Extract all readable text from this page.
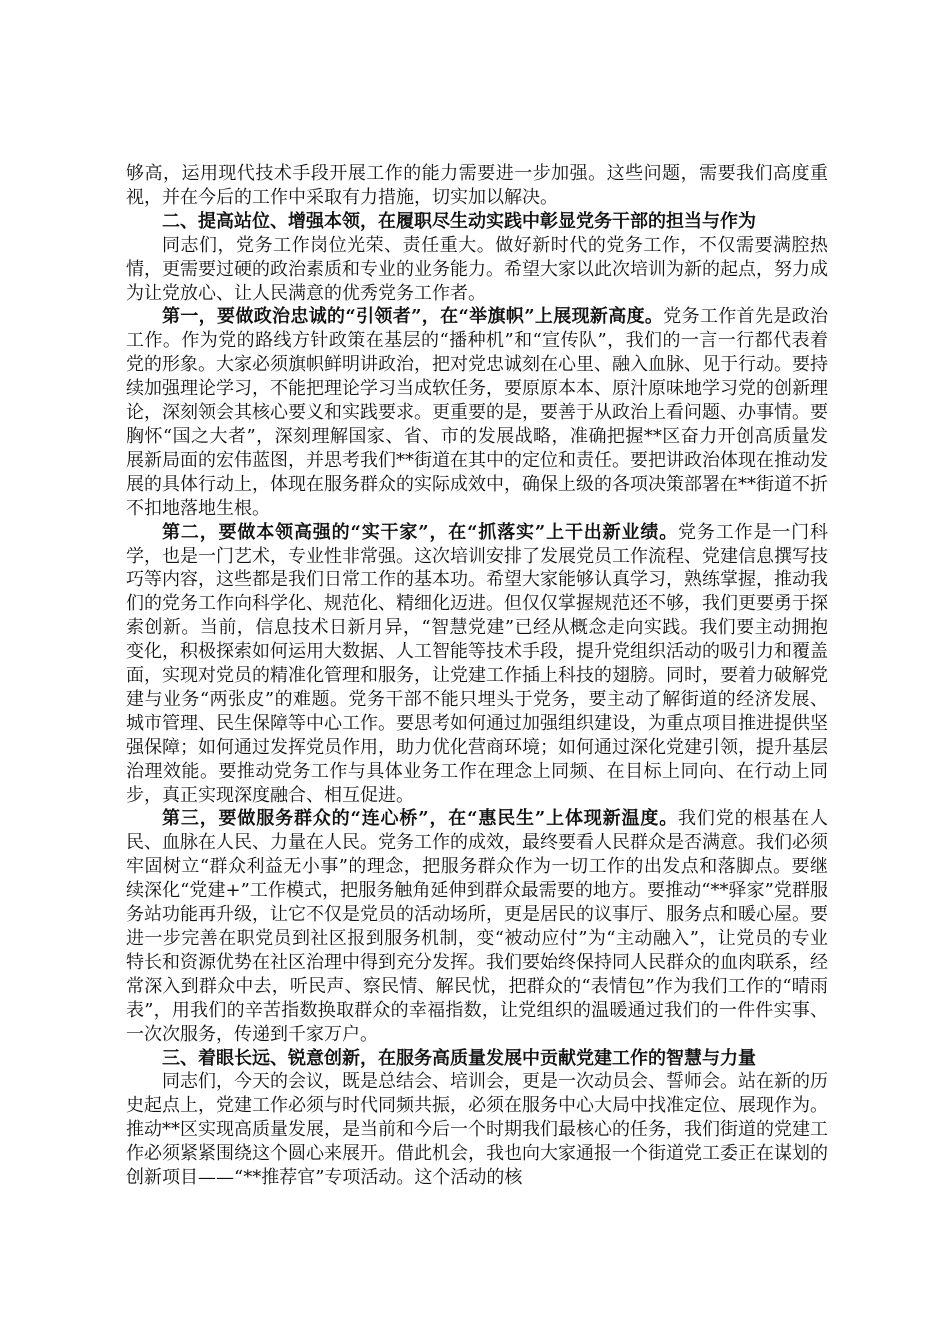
够高，运用现代技术手段开展工作的能力需要进一步加强。这些问题，需要我们高度重视，并在今后的工作中采取有力措施，切实加以解决。

二、提高站位、增强本领，在履职尽生动实践中彰显党务干部的担当与作为

同志们，党务工作岗位光荣、责任重大。做好新时代的党务工作，不仅需要满腔热情，更需要过硬的政治素质和专业的业务能力。希望大家以此次培训为新的起点，努力成为让党放心、让人民满意的优秀党务工作者。

第一，要做政治忠诚的“引领者”，在“举旗帜”上展现新高度。党务工作首先是政治工作。作为党的路线方针政策在基层的“播种机”和“宣传队”，我们的一言一行都代表着党的形象。大家必须旗帜鲜明讲政治，把对党忠诚刻在心里、融入血脉、见于行动。要持续加强理论学习，不能把理论学习当成软任务，要原原本本、原汁原味地学习党的创新理论，深刻领会其核心要义和实践要求。更重要的是，要善于从政治上看问题、办事情。要胸怀“国之大者”，深刻理解国家、省、市的发展战略，准确把握**区奋力开创高质量发展新局面的宏伟蓝图，并思考我们**街道在其中的定位和责任。要把讲政治体现在推动发展的具体行动上，体现在服务群众的实际成效中，确保上级的各项决策部署在**街道不折不扣地落地生根。

第二，要做本领高强的“实干家”，在“抓落实”上干出新业绩。党务工作是一门科学，也是一门艺术，专业性非常强。这次培训安排了发展党员工作流程、党建信息撰写技巧等内容，这些都是我们日常工作的基本功。希望大家能够认真学习，熟练掌握，推动我们的党务工作向科学化、规范化、精细化迈进。但仅仅掌握规范还不够，我们更要勇于探索创新。当前，信息技术日新月异，“智慧党建”已经从概念走向实践。我们要主动拥抱变化，积极探索如何运用大数据、人工智能等技术手段，提升党组织活动的吸引力和覆盖面，实现对党员的精准化管理和服务，让党建工作插上科技的翅膀。同时，要着力破解党建与业务“两张皮”的难题。党务干部不能只埋头于党务，要主动了解街道的经济发展、城市管理、民生保障等中心工作。要思考如何通过加强组织建设，为重点项目推进提供坚强保障；如何通过发挥党员作用，助力优化营商环境；如何通过深化党建引领，提升基层治理效能。要推动党务工作与具体业务工作在理念上同频、在目标上同向、在行动上同步，真正实现深度融合、相互促进。

第三，要做服务群众的“连心桥”，在“惠民生”上体现新温度。我们党的根基在人民、血脉在人民、力量在人民。党务工作的成效，最终要看人民群众是否满意。我们必须牢固树立“群众利益无小事”的理念，把服务群众作为一切工作的出发点和落脚点。要继续深化“党建+”工作模式，把服务触角延伸到群众最需要的地方。要推动“**驿家”党群服务站功能再升级，让它不仅是党员的活动场所，更是居民的议事厅、服务点和暖心屋。要进一步完善在职党员到社区报到服务机制，变“被动应付”为“主动融入”，让党员的专业特长和资源优势在社区治理中得到充分发挥。我们要始终保持同人民群众的血肉联系，经常深入到群众中去，听民声、察民情、解民忧，把群众的“表情包”作为我们工作的“晴雨表”，用我们的辛苦指数换取群众的幸福指数，让党组织的温暖通过我们的一件件实事、一次次服务，传递到千家万户。

三、着眼长远、锐意创新，在服务高质量发展中贡献党建工作的智慧与力量

同志们，今天的会议，既是总结会、培训会，更是一次动员会、誓师会。站在新的历史起点上，党建工作必须与时代同频共振，必须在服务中心大局中找准定位、展现作为。推动**区实现高质量发展，是当前和今后一个时期我们最核心的任务，我们街道的党建工作必须紧紧围绕这个圆心来展开。借此机会，我也向大家通报一个街道党工委正在谋划的创新项目——“**推荐官”专项活动。这个活动的核
